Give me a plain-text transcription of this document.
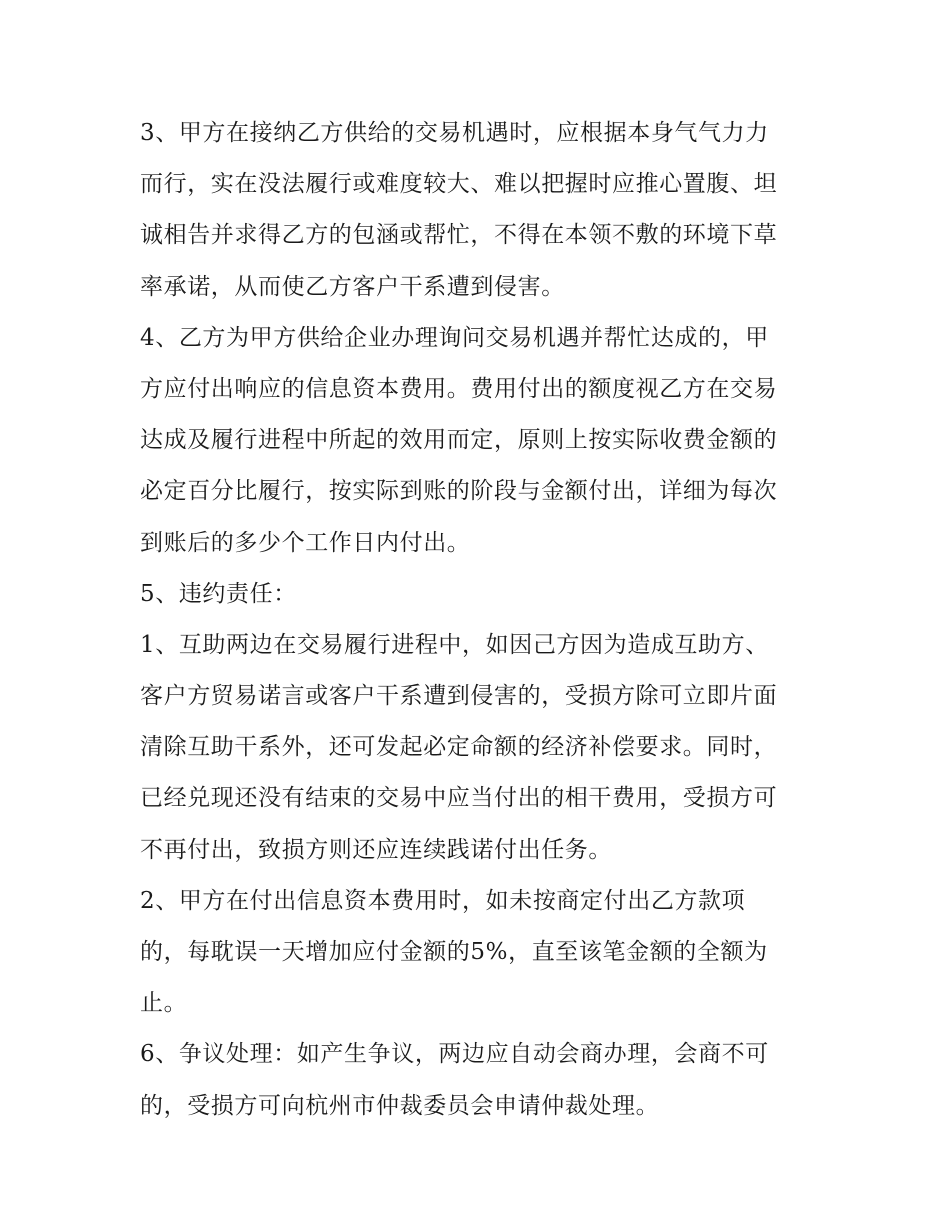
3、甲方在接纳乙方供给的交易机遇时，应根据本身气气力力
而行，实在没法履行或难度较大、难以把握时应推心置腹、坦
诚相告并求得乙方的包涵或帮忙，不得在本领不敷的环境下草
率承诺，从而使乙方客户干系遭到侵害。
4、乙方为甲方供给企业办理询问交易机遇并帮忙达成的，甲
方应付出响应的信息资本费用。费用付出的额度视乙方在交易
达成及履行进程中所起的效用而定，原则上按实际收费金额的
必定百分比履行，按实际到账的阶段与金额付出，详细为每次
到账后的多少个工作日内付出。
5、违约责任：
1、互助两边在交易履行进程中，如因己方因为造成互助方、
客户方贸易诺言或客户干系遭到侵害的，受损方除可立即片面
清除互助干系外，还可发起必定命额的经济补偿要求。同时，
已经兑现还没有结束的交易中应当付出的相干费用，受损方可
不再付出，致损方则还应连续践诺付出任务。
2、甲方在付出信息资本费用时，如未按商定付出乙方款项
的，每耽误一天增加应付金额的5%，直至该笔金额的全额为
止。
6、争议处理：如产生争议，两边应自动会商办理，会商不可
的，受损方可向杭州市仲裁委员会申请仲裁处理。
